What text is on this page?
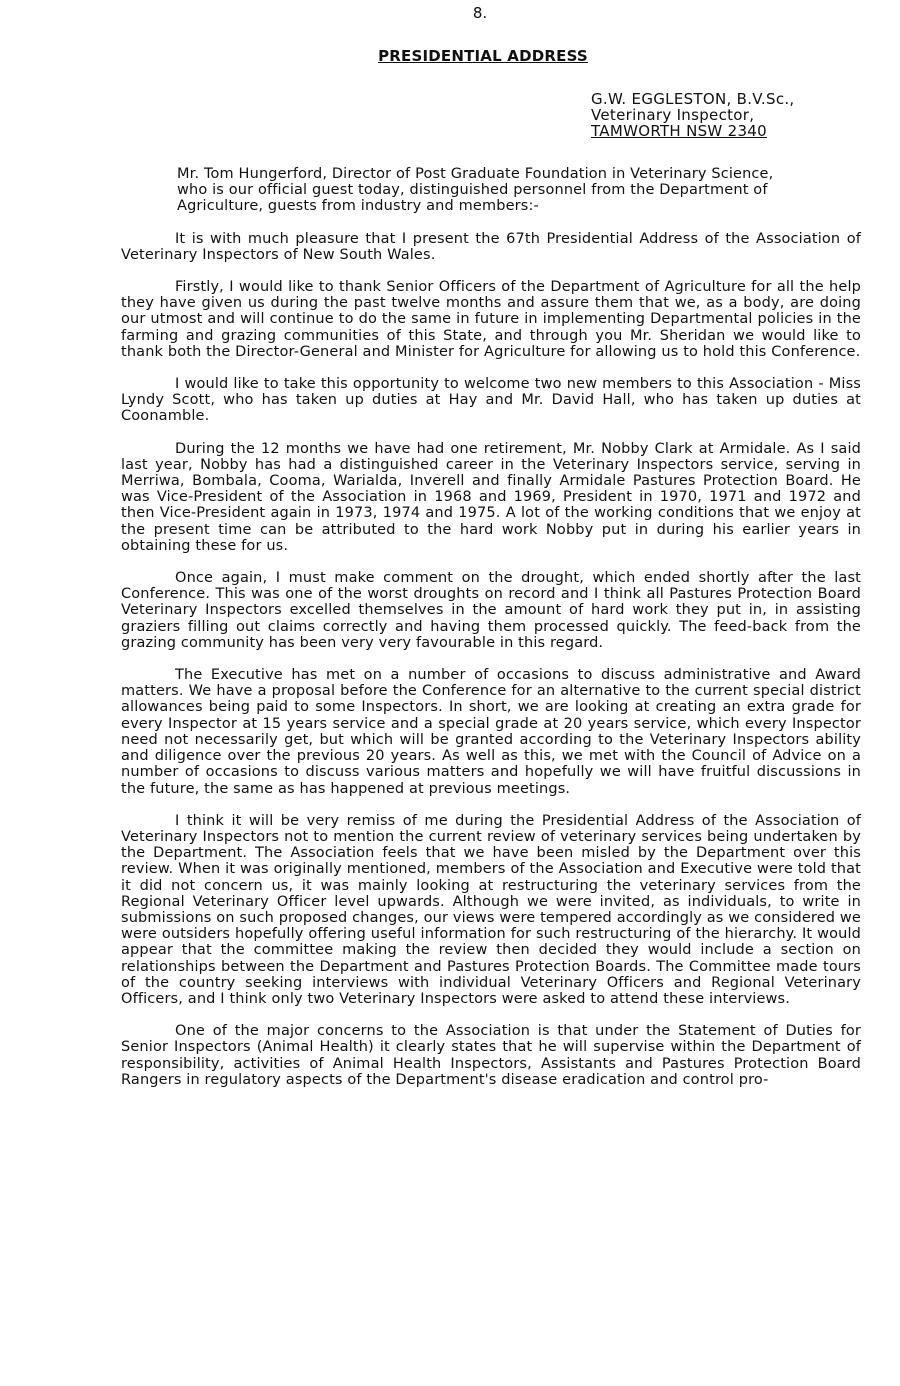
8.
PRESIDENTIAL ADDRESS
G.W. EGGLESTON, B.V.Sc.,
Veterinary Inspector,
TAMWORTH NSW 2340

Mr. Tom Hungerford, Director of Post Graduate Foundation in Veterinary Science, who is our official guest today, distinguished personnel from the Department of Agriculture, guests from industry and members:-

It is with much pleasure that I present the 67th Presidential Address of the Association of Veterinary Inspectors of New South Wales.

Firstly, I would like to thank Senior Officers of the Department of Agriculture for all the help they have given us during the past twelve months and assure them that we, as a body, are doing our utmost and will continue to do the same in future in implementing Departmental policies in the farming and grazing communities of this State, and through you Mr. Sheridan we would like to thank both the Director-General and Minister for Agriculture for allowing us to hold this Conference.

I would like to take this opportunity to welcome two new members to this Association - Miss Lyndy Scott, who has taken up duties at Hay and Mr. David Hall, who has taken up duties at Coonamble.

During the 12 months we have had one retirement, Mr. Nobby Clark at Armidale. As I said last year, Nobby has had a distinguished career in the Veterinary Inspectors service, serving in Merriwa, Bombala, Cooma, Warialda, Inverell and finally Armidale Pastures Protection Board. He was Vice-President of the Association in 1968 and 1969, President in 1970, 1971 and 1972 and then Vice-President again in 1973, 1974 and 1975. A lot of the working conditions that we enjoy at the present time can be attributed to the hard work Nobby put in during his earlier years in obtaining these for us.

Once again, I must make comment on the drought, which ended shortly after the last Conference. This was one of the worst droughts on record and I think all Pastures Protection Board Veterinary Inspectors excelled themselves in the amount of hard work they put in, in assisting graziers filling out claims correctly and having them processed quickly. The feed-back from the grazing community has been very very favourable in this regard.

The Executive has met on a number of occasions to discuss administrative and Award matters. We have a proposal before the Conference for an alternative to the current special district allowances being paid to some Inspectors. In short, we are looking at creating an extra grade for every Inspector at 15 years service and a special grade at 20 years service, which every Inspector need not necessarily get, but which will be granted according to the Veterinary Inspectors ability and diligence over the previous 20 years. As well as this, we met with the Council of Advice on a number of occasions to discuss various matters and hopefully we will have fruitful discussions in the future, the same as has happened at previous meetings.

I think it will be very remiss of me during the Presidential Address of the Association of Veterinary Inspectors not to mention the current review of veterinary services being undertaken by the Department. The Association feels that we have been misled by the Department over this review. When it was originally mentioned, members of the Association and Executive were told that it did not concern us, it was mainly looking at restructuring the veterinary services from the Regional Veterinary Officer level upwards. Although we were invited, as individuals, to write in submissions on such proposed changes, our views were tempered accordingly as we considered we were outsiders hopefully offering useful information for such restructuring of the hierarchy. It would appear that the committee making the review then decided they would include a section on relationships between the Department and Pastures Protection Boards. The Committee made tours of the country seeking interviews with individual Veterinary Officers and Regional Veterinary Officers, and I think only two Veterinary Inspectors were asked to attend these interviews.

One of the major concerns to the Association is that under the Statement of Duties for Senior Inspectors (Animal Health) it clearly states that he will supervise within the Department of responsibility, activities of Animal Health Inspectors, Assistants and Pastures Protection Board Rangers in regulatory aspects of the Department's disease eradication and control pro-
